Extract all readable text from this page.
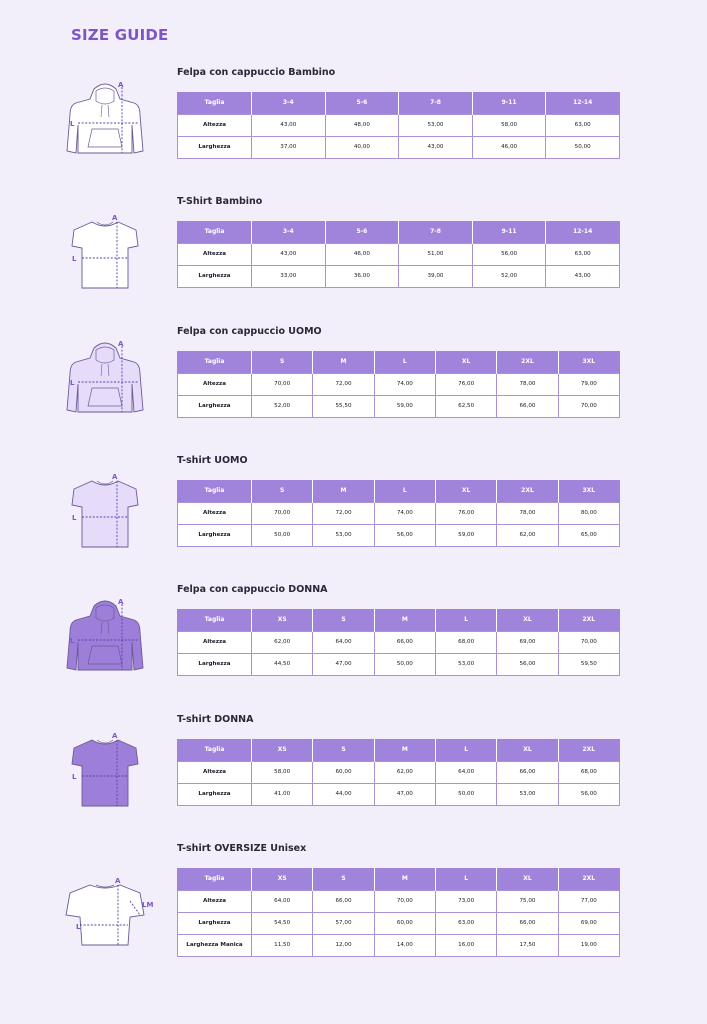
SIZE GUIDE
Felpa con cappuccio Bambino
A
L
Taglia	3-4	5-6	7-8	9-11	12-14
Altezza	43,00	48,00	53,00	58,00	63,00
Larghezza	37,00	40,00	43,00	46,00	50,00
T-Shirt Bambino
A
L
Taglia	3-4	5-6	7-8	9-11	12-14
Altezza	43,00	46,00	51,00	56,00	63,00
Larghezza	33,00	36,00	39,00	52,00	43,00
Felpa con cappuccio UOMO
A
L
Taglia	S	M	L	XL	2XL	3XL
Altezza	70,00	72,00	74,00	76,00	78,00	79,00
Larghezza	52,00	55,50	59,00	62,50	66,00	70,00
T-shirt UOMO
A
L
Taglia	S	M	L	XL	2XL	3XL
Altezza	70,00	72,00	74,00	76,00	78,00	80,00
Larghezza	50,00	53,00	56,00	59,00	62,00	65,00
Felpa con cappuccio DONNA
A
L
Taglia	XS	S	M	L	XL	2XL
Altezza	62,00	64,00	66,00	68,00	69,00	70,00
Larghezza	44,50	47,00	50,00	53,00	56,00	59,50
T-shirt DONNA
A
L
Taglia	XS	S	M	L	XL	2XL
Altezza	58,00	60,00	62,00	64,00	66,00	68,00
Larghezza	41,00	44,00	47,00	50,00	53,00	56,00
T-shirt OVERSIZE Unisex
A
L
LM
Taglia	XS	S	M	L	XL	2XL
Altezza	64,00	66,00	70,00	73,00	75,00	77,00
Larghezza	54,50	57,00	60,00	63,00	66,00	69,00
Larghezza Manica	11,50	12,00	14,00	16,00	17,50	19,00
